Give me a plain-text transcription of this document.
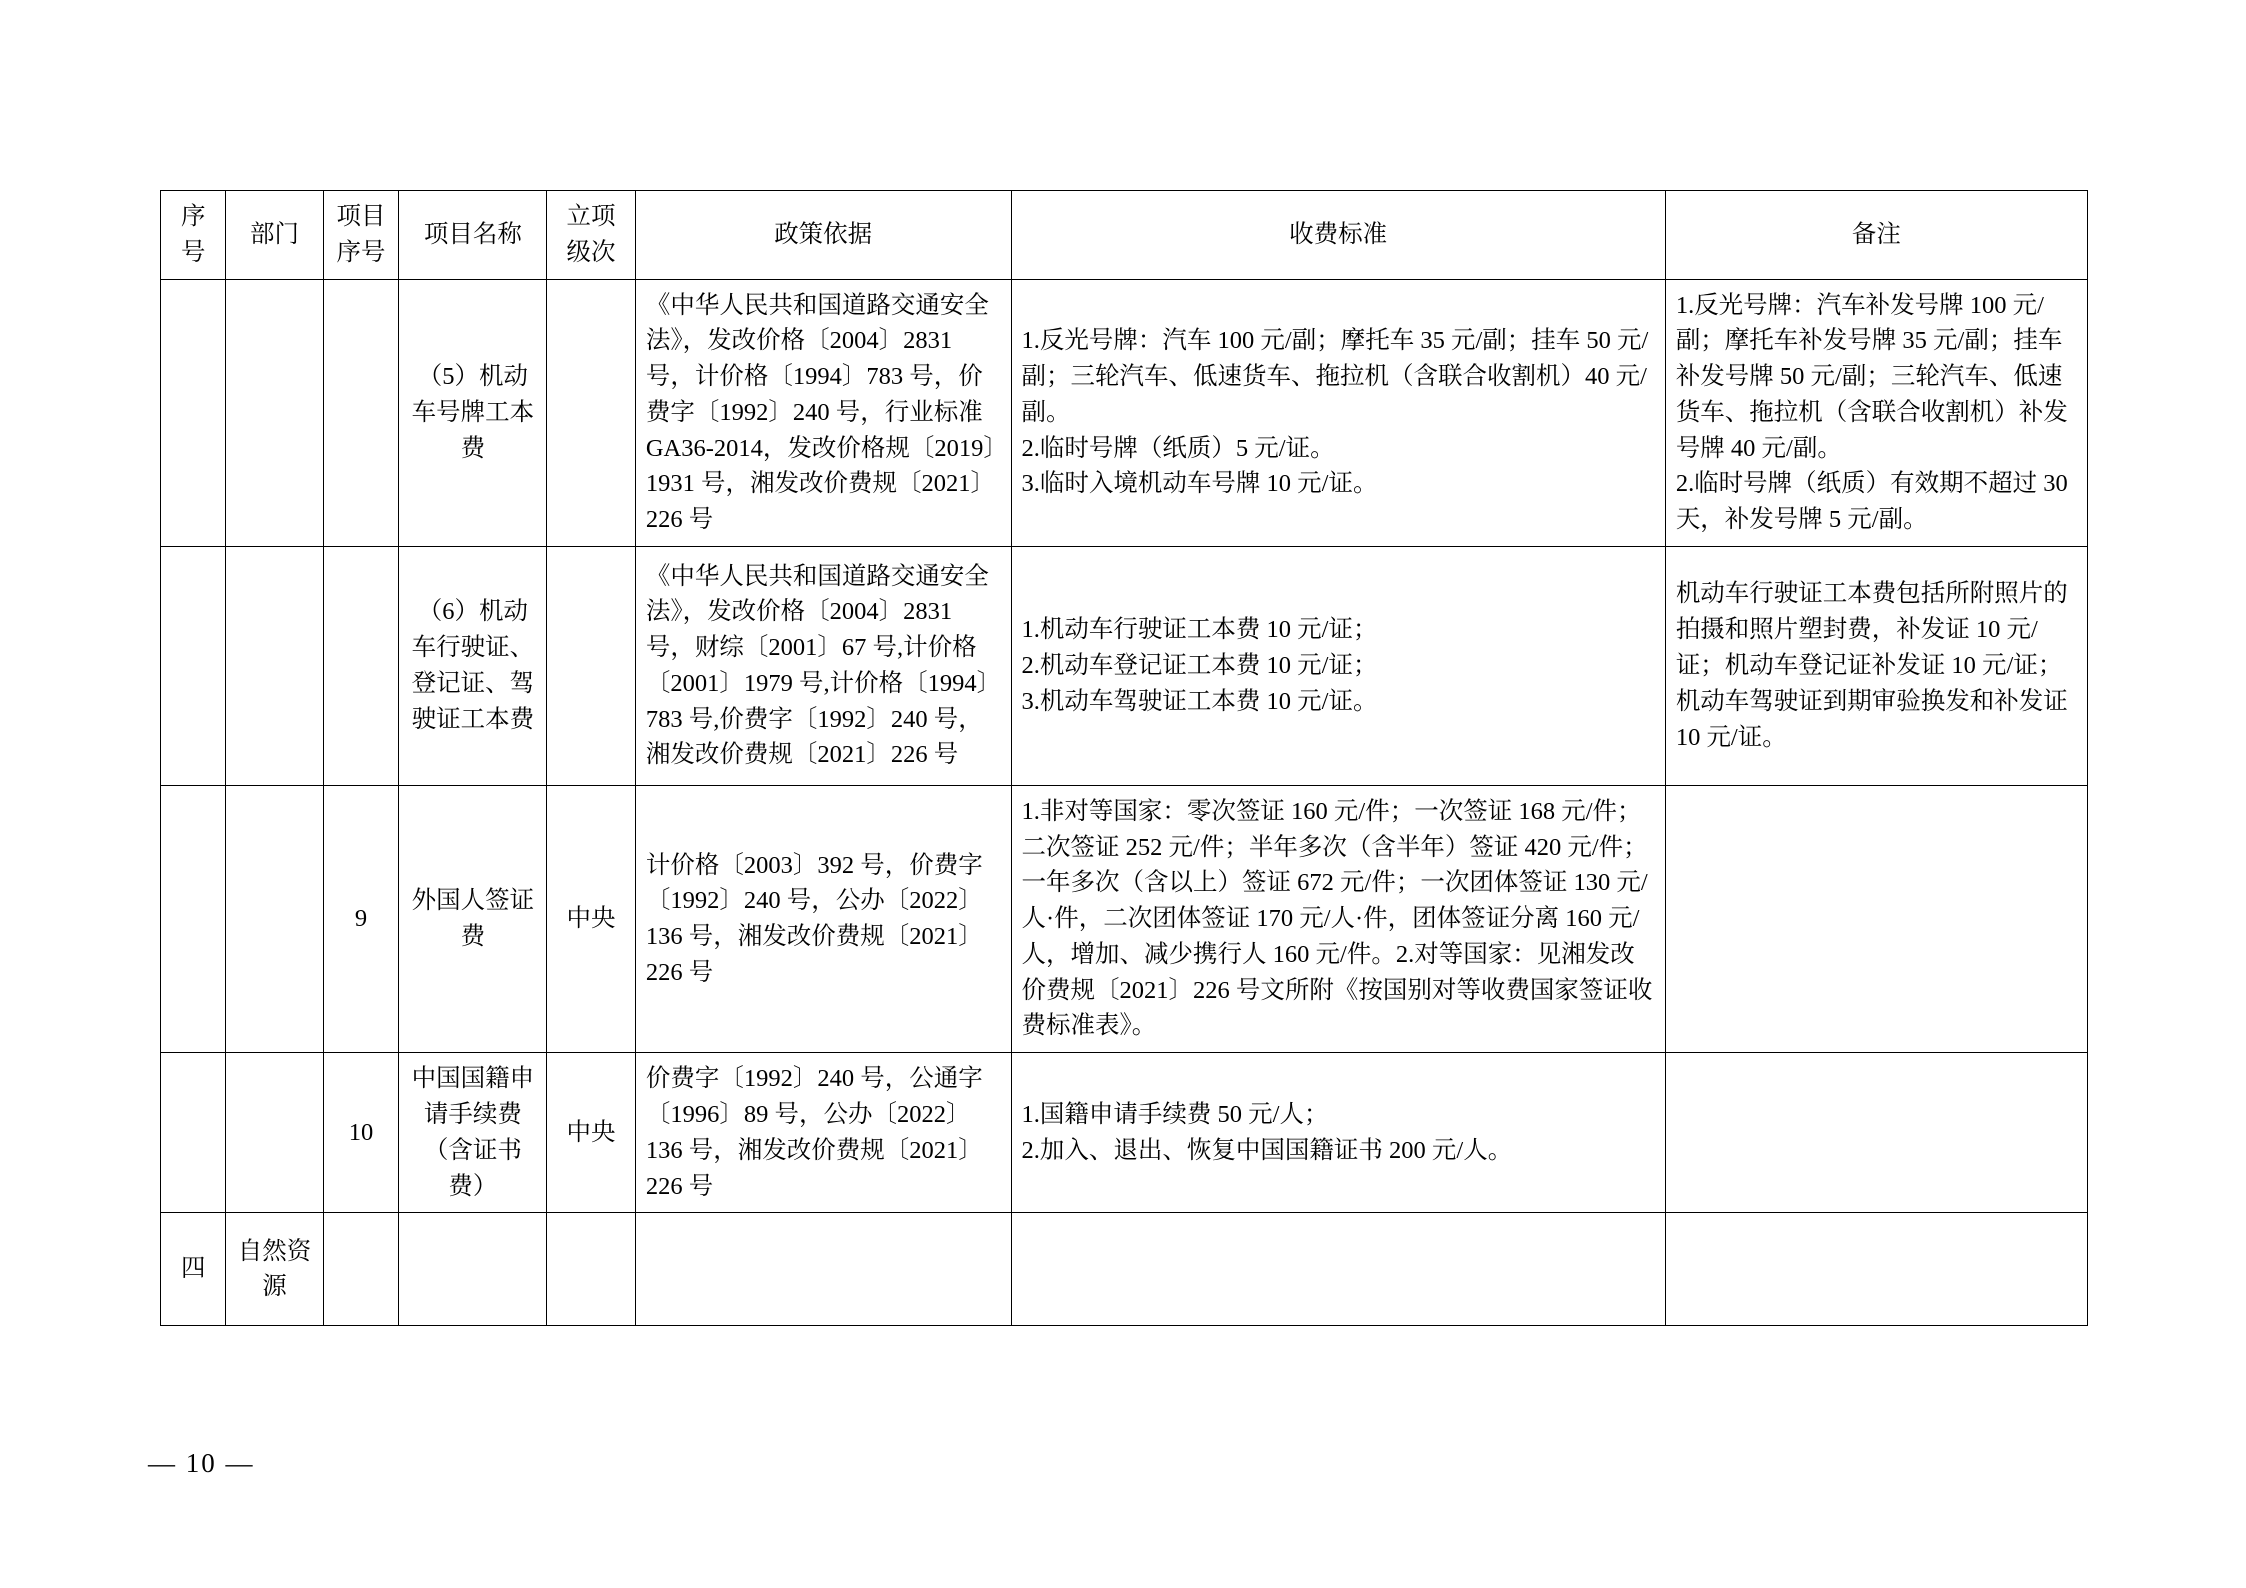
序号	部门	项目序号	项目名称	立项级次	政策依据	收费标准	备注
			（5）机动车号牌工本费		《中华人民共和国道路交通安全法》，发改价格〔2004〕2831 号，计价格〔1994〕783 号，价费字〔1992〕240 号，行业标准 GA36-2014，发改价格规〔2019〕1931 号，湘发改价费规〔2021〕226 号	1.反光号牌：汽车 100 元/副；摩托车 35 元/副；挂车 50 元/副；三轮汽车、低速货车、拖拉机（含联合收割机）40 元/副。
2.临时号牌（纸质）5 元/证。
3.临时入境机动车号牌 10 元/证。	1.反光号牌：汽车补发号牌 100 元/副；摩托车补发号牌 35 元/副；挂车补发号牌 50 元/副；三轮汽车、低速货车、拖拉机（含联合收割机）补发号牌 40 元/副。
2.临时号牌（纸质）有效期不超过 30 天，补发号牌 5 元/副。
			（6）机动车行驶证、登记证、驾驶证工本费		《中华人民共和国道路交通安全法》，发改价格〔2004〕2831 号，财综〔2001〕67 号,计价格〔2001〕1979 号,计价格〔1994〕783 号,价费字〔1992〕240 号，湘发改价费规〔2021〕226 号	1.机动车行驶证工本费 10 元/证；
2.机动车登记证工本费 10 元/证；
3.机动车驾驶证工本费 10 元/证。	机动车行驶证工本费包括所附照片的拍摄和照片塑封费，补发证 10 元/证；机动车登记证补发证 10 元/证；机动车驾驶证到期审验换发和补发证 10 元/证。
		9	外国人签证费	中央	计价格〔2003〕392 号，价费字〔1992〕240 号，公办〔2022〕136 号，湘发改价费规〔2021〕226 号	1.非对等国家：零次签证 160 元/件；一次签证 168 元/件；二次签证 252 元/件；半年多次（含半年）签证 420 元/件；一年多次（含以上）签证 672 元/件；一次团体签证 130 元/人·件，二次团体签证 170 元/人·件，团体签证分离 160 元/人，增加、减少携行人 160 元/件。2.对等国家：见湘发改价费规〔2021〕226 号文所附《按国别对等收费国家签证收费标准表》。	
		10	中国国籍申请手续费（含证书费）	中央	价费字〔1992〕240 号，公通字〔1996〕89 号，公办〔2022〕136 号，湘发改价费规〔2021〕226 号	1.国籍申请手续费 50 元/人；
2.加入、退出、恢复中国国籍证书 200 元/人。	
四	自然资源						
— 10 —
